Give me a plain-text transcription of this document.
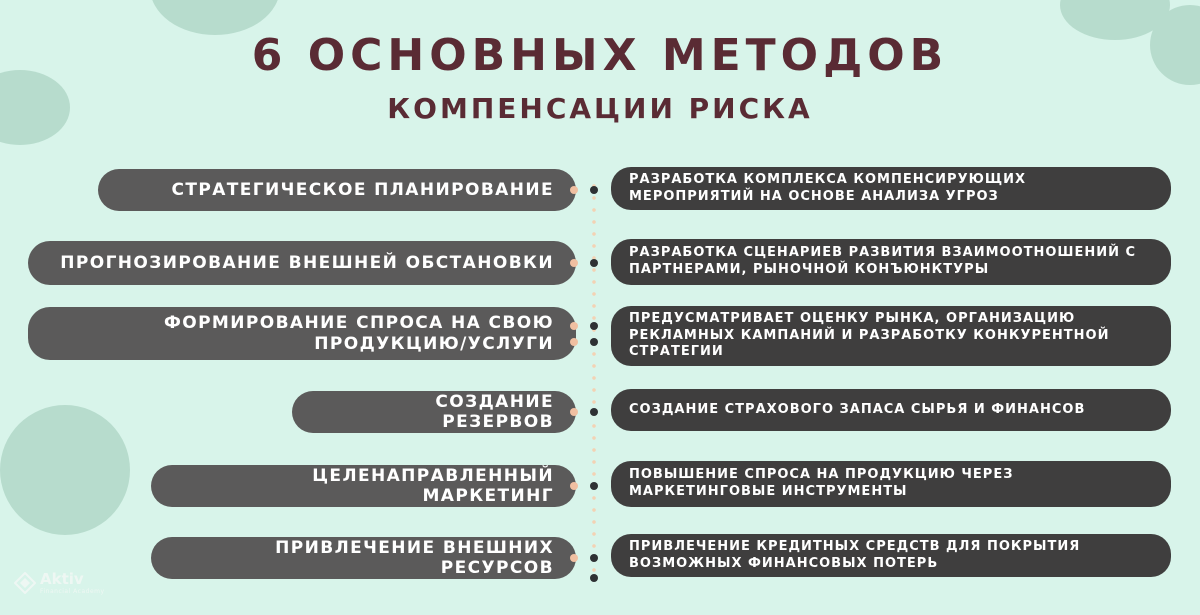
6 ОСНОВНЫХ МЕТОДОВ
КОМПЕНСАЦИИ РИСКА
СТРАТЕГИЧЕСКОЕ ПЛАНИРОВАНИЕ
РАЗРАБОТКА КОМПЛЕКСА КОМПЕНСИРУЮЩИХ МЕРОПРИЯТИЙ НА ОСНОВЕ АНАЛИЗА УГРОЗ
ПРОГНОЗИРОВАНИЕ ВНЕШНЕЙ ОБСТАНОВКИ
РАЗРАБОТКА СЦЕНАРИЕВ РАЗВИТИЯ ВЗАИМООТНОШЕНИЙ С ПАРТНЕРАМИ, РЫНОЧНОЙ КОНЪЮНКТУРЫ
ФОРМИРОВАНИЕ СПРОСА НА СВОЮ ПРОДУКЦИЮ/УСЛУГИ
ПРЕДУСМАТРИВАЕТ ОЦЕНКУ РЫНКА, ОРГАНИЗАЦИЮ РЕКЛАМНЫХ КАМПАНИЙ И РАЗРАБОТКУ КОНКУРЕНТНОЙ СТРАТЕГИИ
СОЗДАНИЕ РЕЗЕРВОВ
СОЗДАНИЕ СТРАХОВОГО ЗАПАСА СЫРЬЯ И ФИНАНСОВ
ЦЕЛЕНАПРАВЛЕННЫЙ МАРКЕТИНГ
ПОВЫШЕНИЕ СПРОСА НА ПРОДУКЦИЮ ЧЕРЕЗ МАРКЕТИНГОВЫЕ ИНСТРУМЕНТЫ
ПРИВЛЕЧЕНИЕ ВНЕШНИХ РЕСУРСОВ
ПРИВЛЕЧЕНИЕ КРЕДИТНЫХ СРЕДСТВ ДЛЯ ПОКРЫТИЯ ВОЗМОЖНЫХ ФИНАНСОВЫХ ПОТЕРЬ
Aktiv
Financial Academy
